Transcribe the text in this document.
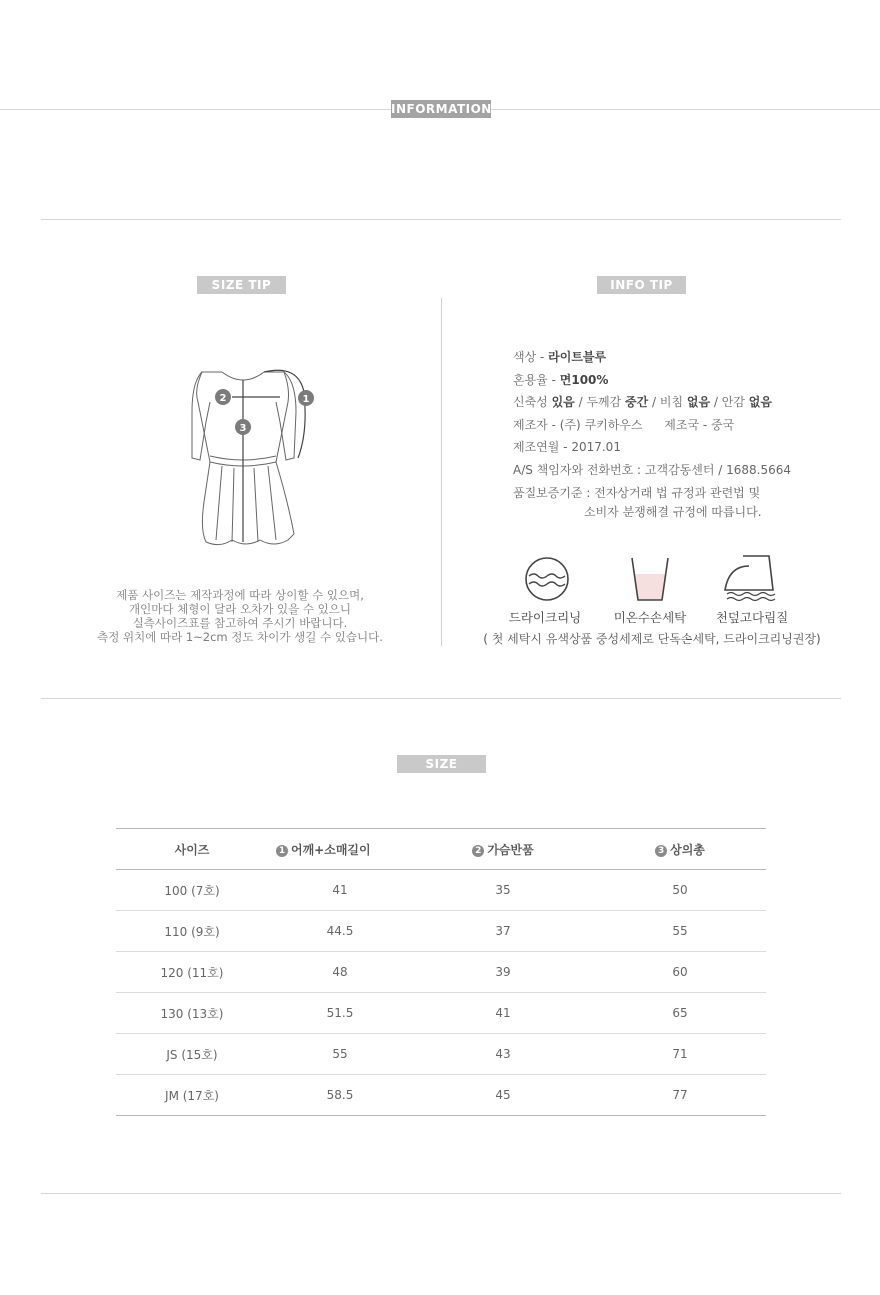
INFORMATION
SIZE TIP
1
2
3
제품 사이즈는 제작과정에 따라 상이할 수 있으며,
개인마다 체형이 달라 오차가 있을 수 있으니
실측사이즈표를 참고하여 주시기 바랍니다.
측정 위치에 따라 1~2cm 정도 차이가 생길 수 있습니다.
INFO TIP
색상 - 라이트블루
혼용율 - 면100%
신축성 있음 / 두께감 중간 / 비침 없음 / 안감 없음
제조자 - (주) 쿠키하우스 제조국 - 중국
제조연월 - 2017.01
A/S 책임자와 전화번호 : 고객감동센터 / 1688.5664
품질보증기준 : 전자상거래 법 규정과 관련법 및
소비자 분쟁해결 규정에 따릅니다.
드라이크리닝	미온수손세탁	천덮고다림질
( 첫 세탁시 유색상품 중성세제로 단독손세탁, 드라이크리닝권장)
SIZE
사이즈	1 어깨+소매길이	2 가슴반품	3 상의총
100 (7호)	41	35	50
110 (9호)	44.5	37	55
120 (11호)	48	39	60
130 (13호)	51.5	41	65
JS (15호)	55	43	71
JM (17호)	58.5	45	77
